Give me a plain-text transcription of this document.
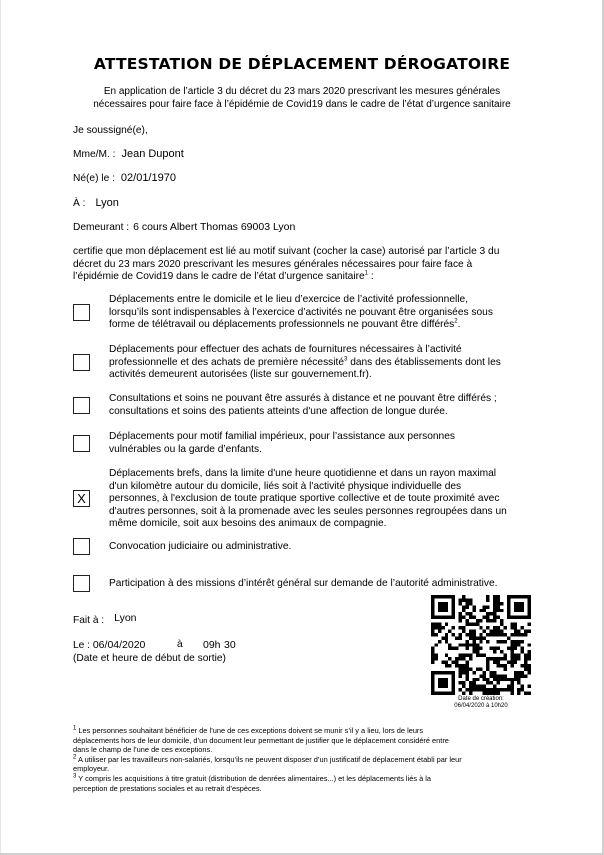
ATTESTATION DE DÉPLACEMENT DÉROGATOIRE
En application de l’article 3 du décret du 23 mars 2020 prescrivant les mesures générales
nécessaires pour faire face à l’épidémie de Covid19 dans le cadre de l’état d’urgence sanitaire
Je soussigné(e),
Mme/M. : Jean Dupont
Né(e) le : 02/01/1970
À : Lyon
Demeurant : 6 cours Albert Thomas 69003 Lyon
certifie que mon déplacement est lié au motif suivant (cocher la case) autorisé par l’article 3 du
décret du 23 mars 2020 prescrivant les mesures générales nécessaires pour faire face à
l’épidémie de Covid19 dans le cadre de l’état d’urgence sanitaire$^1$ :
Déplacements entre le domicile et le lieu d’exercice de l’activité professionnelle,
lorsqu’ils sont indispensables à l’exercice d’activités ne pouvant être organisées sous
forme de télétravail ou déplacements professionnels ne pouvant être différés$^2$.
Déplacements pour effectuer des achats de fournitures nécessaires à l’activité
professionnelle et des achats de première nécessité$^3$ dans des établissements dont les
activités demeurent autorisées (liste sur gouvernement.fr).
Consultations et soins ne pouvant être assurés à distance et ne pouvant être différés ;
consultations et soins des patients atteints d'une affection de longue durée.
Déplacements pour motif familial impérieux, pour l’assistance aux personnes
vulnérables ou la garde d’enfants.
X
Déplacements brefs, dans la limite d'une heure quotidienne et dans un rayon maximal
d'un kilomètre autour du domicile, liés soit à l'activité physique individuelle des
personnes, à l'exclusion de toute pratique sportive collective et de toute proximité avec
d'autres personnes, soit à la promenade avec les seules personnes regroupées dans un
même domicile, soit aux besoins des animaux de compagnie.
Convocation judiciaire ou administrative.
Participation à des missions d’intérêt général sur demande de l’autorité administrative.
Fait à : Lyon
Le : 06/04/2020	à 09h 30
(Date et heure de début de sortie)
Date de création:
06/04/2020 à 10h20
$^1$ Les personnes souhaitant bénéficier de l’une de ces exceptions doivent se munir s’il y a lieu, lors de leurs
déplacements hors de leur domicile, d’un document leur permettant de justifier que le déplacement considéré entre
dans le champ de l’une de ces exceptions.
$^2$ A utiliser par les travailleurs non-salariés, lorsqu’ils ne peuvent disposer d’un justificatif de déplacement établi par leur
employeur.
$^3$ Y compris les acquisitions à titre gratuit (distribution de denrées alimentaires...) et les déplacements liés à la
perception de prestations sociales et au retrait d’espèces.
